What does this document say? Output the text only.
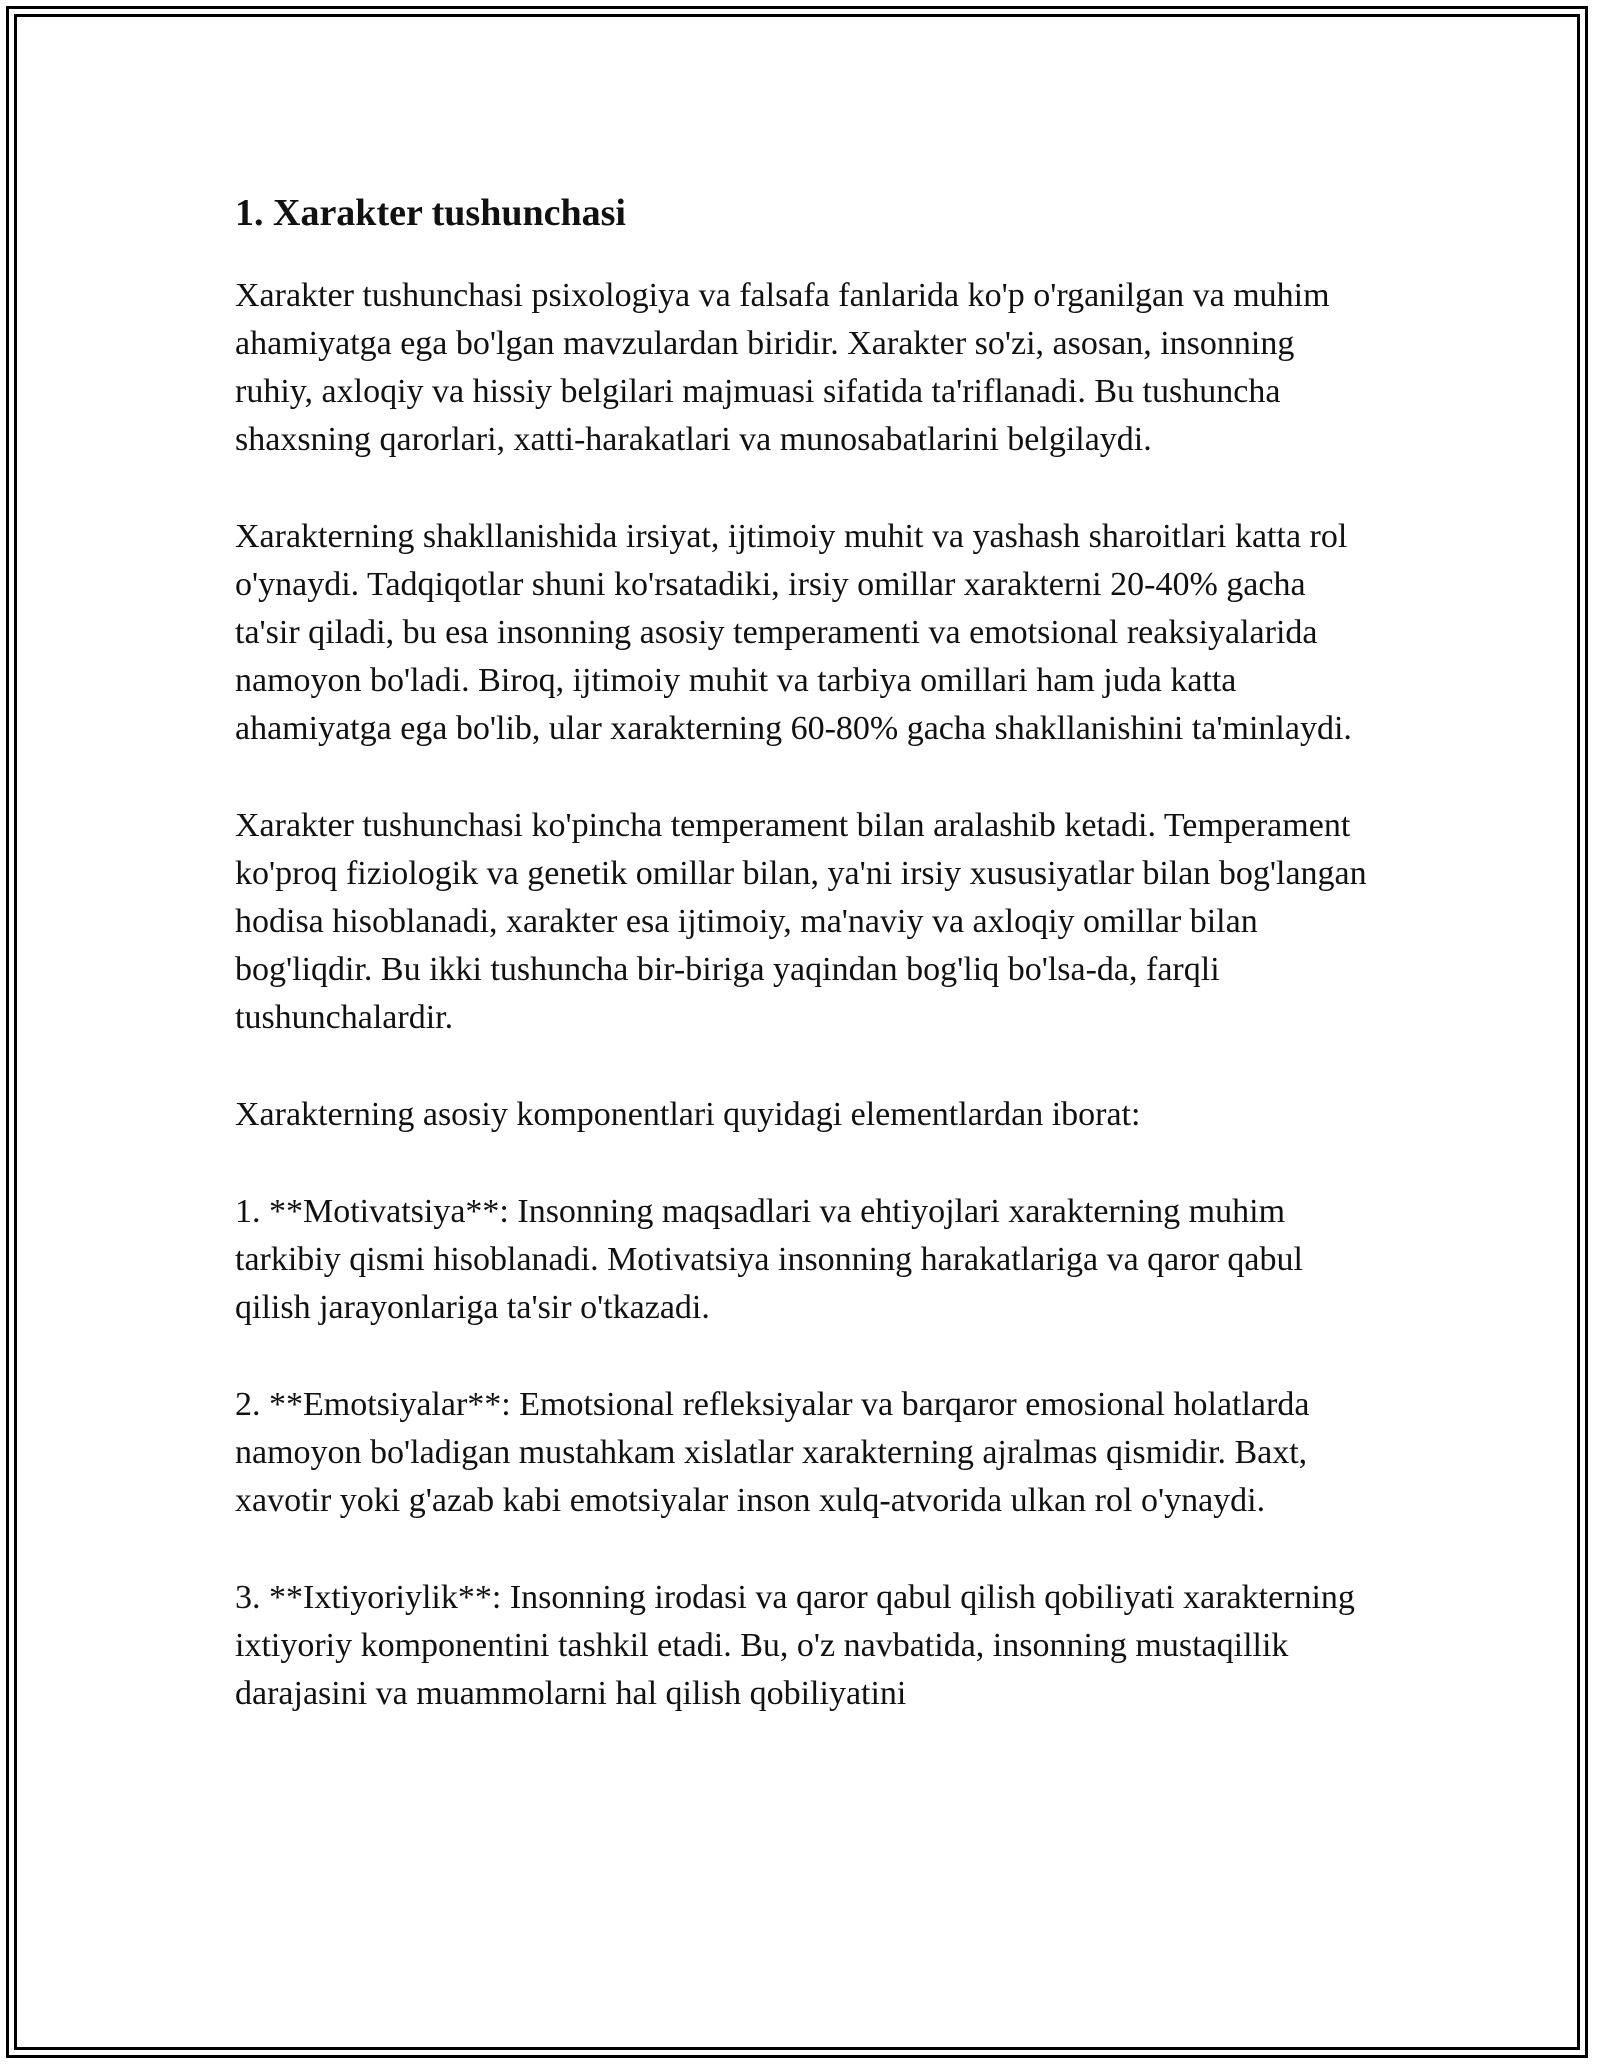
1. Xarakter tushunchasi

Xarakter tushunchasi psixologiya va falsafa fanlarida ko'p o'rganilgan va muhim ahamiyatga ega bo'lgan mavzulardan biridir. Xarakter so'zi, asosan, insonning ruhiy, axloqiy va hissiy belgilari majmuasi sifatida ta'riflanadi. Bu tushuncha shaxsning qarorlari, xatti-harakatlari va munosabatlarini belgilaydi.

Xarakterning shakllanishida irsiyat, ijtimoiy muhit va yashash sharoitlari katta rol o'ynaydi. Tadqiqotlar shuni ko'rsatadiki, irsiy omillar xarakterni 20-40% gacha ta'sir qiladi, bu esa insonning asosiy temperamenti va emotsional reaksiyalarida namoyon bo'ladi. Biroq, ijtimoiy muhit va tarbiya omillari ham juda katta ahamiyatga ega bo'lib, ular xarakterning 60-80% gacha shakllanishini ta'minlaydi.

Xarakter tushunchasi ko'pincha temperament bilan aralashib ketadi. Temperament ko'proq fiziologik va genetik omillar bilan, ya'ni irsiy xususiyatlar bilan bog'langan hodisa hisoblanadi, xarakter esa ijtimoiy, ma'naviy va axloqiy omillar bilan bog'liqdir. Bu ikki tushuncha bir-biriga yaqindan bog'liq bo'lsa-da, farqli tushunchalardir.

Xarakterning asosiy komponentlari quyidagi elementlardan iborat:

1. **Motivatsiya**: Insonning maqsadlari va ehtiyojlari xarakterning muhim tarkibiy qismi hisoblanadi. Motivatsiya insonning harakatlariga va qaror qabul qilish jarayonlariga ta'sir o'tkazadi.

2. **Emotsiyalar**: Emotsional refleksiyalar va barqaror emosional holatlarda namoyon bo'ladigan mustahkam xislatlar xarakterning ajralmas qismidir. Baxt, xavotir yoki g'azab kabi emotsiyalar inson xulq-atvorida ulkan rol o'ynaydi.

3. **Ixtiyoriylik**: Insonning irodasi va qaror qabul qilish qobiliyati xarakterning ixtiyoriy komponentini tashkil etadi. Bu, o'z navbatida, insonning mustaqillik darajasini va muammolarni hal qilish qobiliyatini
